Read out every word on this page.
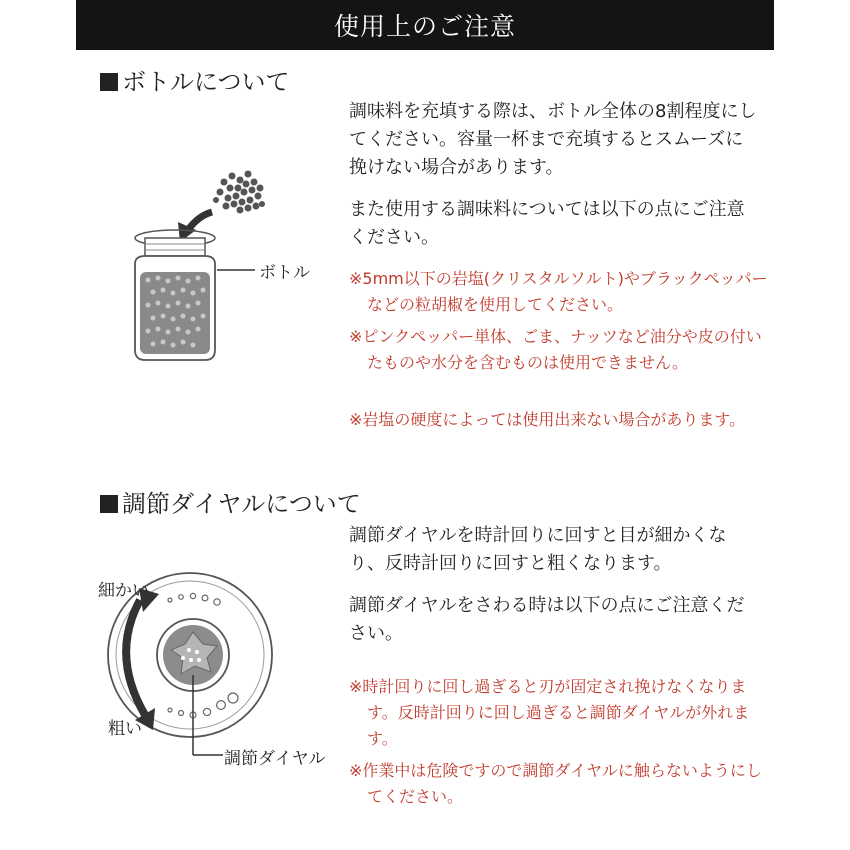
使用上のご注意
ボトルについて

調味料を充填する際は、ボトル全体の8割程度にしてください。容量一杯まで充填するとスムーズに挽けない場合があります。

また使用する調味料については以下の点にご注意ください。

※5mm以下の岩塩(クリスタルソルト)やブラックペッパーなどの粒胡椒を使用してください。

※ピンクペッパー単体、ごま、ナッツなど油分や皮の付いたものや水分を含むものは使用できません。

※岩塩の硬度によっては使用出来ない場合があります。

ボトル
調節ダイヤルについて

調節ダイヤルを時計回りに回すと目が細かくなり、反時計回りに回すと粗くなります。

調節ダイヤルをさわる時は以下の点にご注意ください。

※時計回りに回し過ぎると刃が固定され挽けなくなります。反時計回りに回し過ぎると調節ダイヤルが外れます。

※作業中は危険ですので調節ダイヤルに触らないようにしてください。

細かい
粗い
調節ダイヤル
